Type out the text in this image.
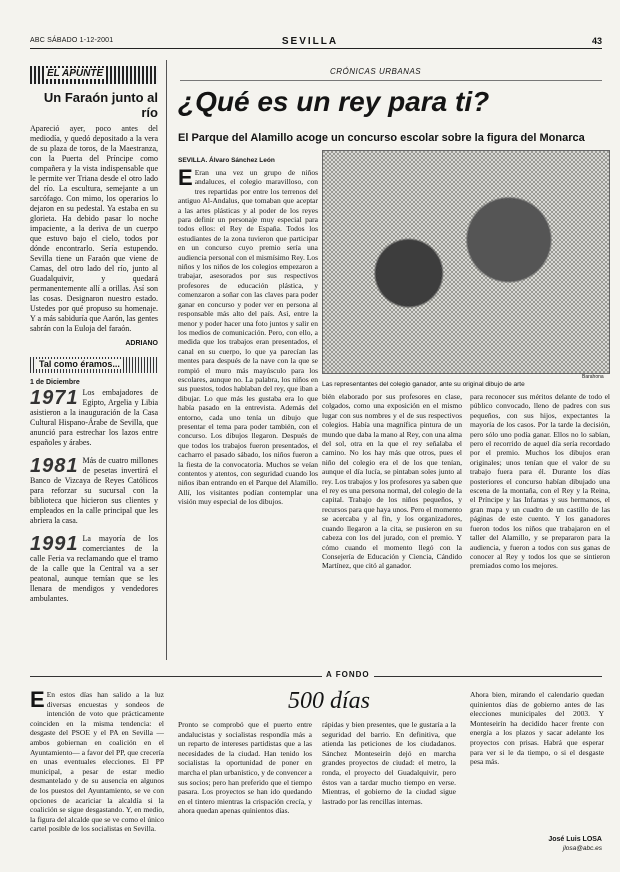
ABC SÁBADO 1-12-2001	SEVILLA	43
EL APUNTE
Un Faraón junto al río

Apareció ayer, poco antes del mediodía, y quedó depositado a la vera de su plaza de toros, de la Maestranza, con la Puerta del Príncipe como compañera y la vista indispensable que le permite ver Triana desde el otro lado del río. La escultura, semejante a un sarcófago. Con mimo, los operarios lo dejaron en su pedestal. Ya estaba en su glorieta. Ha debido pasar lo noche impaciente, a la deriva de un cuerpo que estuvo bajo el cielo, todos por dónde encontrarlo. Sería estupendo. Sevilla tiene un Faraón que viene de Camas, del otro lado del río, junto al Guadalquivir, y quedará permanentemente allí a orillas. Así son las cosas. Designaron nuestro estado. Ustedes por qué propuso su homenaje. Y a más sabiduría que Aarón, las gentes sabrán con la Euloja del faraón.

ADRIANO
Tal como éramos...
1 de Diciembre
1971 Los embajadores de Egipto, Argelia y Libia asistieron a la inauguración de la Casa Cultural Hispano-Árabe de Sevilla, que anunció para estrechar los lazos entre españoles y árabes.

1981 Más de cuatro millones de pesetas invertirá el Banco de Vizcaya de Reyes Católicos para reforzar su sucursal con la biblioteca que hicieron sus clientes y empleados en la calle principal que les abriera la casa.

1991 La mayoría de los comerciantes de la calle Feria va reclamando que el tramo de la calle que la Central va a ser peatonal, aunque temían que se les llenara de mendigos y vendedores ambulantes.

CRÓNICAS URBANAS
¿Qué es un rey para ti?
El Parque del Alamillo acoge un concurso escolar sobre la figura del Monarca
SEVILLA. Álvaro Sánchez León
E Eran una vez un grupo de niños andaluces, el colegio maravilloso, con tres repartidas por entre los terrenos del antiguo Al-Andalus, que tomaban que aceptar a las artes plásticas y al poder de los reyes para definir un personaje muy especial para todos ellos: el Rey de España. Todos los estudiantes de la zona tuvieron que participar en un concurso cuyo premio sería una audiencia personal con el mismísimo Rey. Los niños y los niños de los colegios empezaron a trabajar, asesorados por sus respectivos profesores de educación plástica, y comenzaron a soñar con las claves para poder ganar en concurso y poder ver en persona al responsable más alto del país. Así, entre la menor y poder hacer una foto juntos y salir en los medios de comunicación. Pero, con ello, a medida que los trabajos eran presentados, el canal en su cuerpo, lo que ya parecían las mentes para después de la nave con la que se rompió el muro más mayúsculo para los escolares, aunque no. La palabra, los niños en sus puestos, todos hablaban del rey, que iban a dibujar. Lo que más les gustaba era lo que había pasado en la entrevista. Además del entorno, cada uno tenía un dibujo que presentar el tema para poder también, con el concurso. Los dibujos llegaron. Después de que todos los trabajos fueron presentados, el cacharro el pasado sábado, los niños fueron a la fiesta de la convocatoria. Muchos se veían contentos y atentos, con seguridad cuando los niños iban entrando en el Parque del Alamillo. Allí, los visitantes podían contemplar una visión muy especial de los dibujos.
Barahona
Las representantes del colegio ganador, ante su original dibujo de arte
bién elaborado por sus profesores en clase, colgados, como una exposición en el mismo lugar con sus nombres y el de sus respectivos colegios. Había una magnífica pintura de un mundo que daba la mano al Rey, con una alma del sol, otra en la que el rey señalaba el camino. No los hay más que otros, pues el niño del colegio era el de los que tenían, aunque el día lucía, se pintaban soles junto al rey. Los trabajos y los profesores ya saben que el rey es una persona normal, del colegio de la capital. Trabajo de los niños pequeños, y recursos para que haya unos. Pero el momento se acercaba y al fin, y los organizadores, cuando llegaron a la cita, se pusieron en su cabeza con los del jurado, con el premio. Y cómo cuando el momento llegó con la Consejería de Educación y Ciencia, Cándido Martínez, que citó al ganador.
para reconocer sus méritos delante de todo el público convocado, lleno de padres con sus pequeños, con sus hijos, expectantes la mayoría de los casos. Por la tarde la decisión, pero sólo uno podía ganar. Ellos no lo sabían, pero el recorrido de aquel día sería recordado por el premio. Muchos los dibujos eran originales; unos tenían que el valor de su trabajo fuera para él. Durante los días posteriores el concurso habían dibujado una escena de la montaña, con el Rey y la Reina, el Príncipe y las Infantas y sus hermanos, el gran mapa y un cuadro de un castillo de las páginas de este cuento. Y los ganadores fueron todos los niños que trabajaron en el taller del Alamillo, y se prepararon para la audiencia, y fueron a todos con sus ganas de conocer al Rey y todos los que se sintieron premiados como los mejores.
A FONDO
500 días
E En estos días han salido a la luz diversas encuestas y sondeos de intención de voto que prácticamente coinciden en la misma tendencia: el desgaste del PSOE y el PA en Sevilla —ambos gobiernan en coalición en el Ayuntamiento— a favor del PP, que crecería en unas eventuales elecciones. El PP municipal, a pesar de estar medio desmantelado y de su ausencia en algunos de los puestos del Ayuntamiento, se ve con opciones de acariciar la alcaldía si la coalición se sigue desgastando. Y, en medio, la figura del alcalde que se ve como el único cartel posible de los socialistas en Sevilla.
Pronto se comprobó que el puerto entre andalucistas y socialistas respondía más a un reparto de intereses partidistas que a las necesidades de la ciudad. Han tenido los socialistas la oportunidad de poner en marcha el plan urbanístico, y de convencer a sus socios; pero han preferido que el tiempo pasara. Los proyectos se han ido quedando en el tintero mientras la crispación crecía, y ahora quedan apenas quinientos días.
rápidas y bien presentes, que le gustaría a la seguridad del barrio. En definitiva, que atienda las peticiones de los ciudadanos. Sánchez Monteseirín dejó en marcha grandes proyectos de ciudad: el metro, la ronda, el proyecto del Guadalquivir, pero éstos van a tardar mucho tiempo en verse. Mientras, el gobierno de la ciudad sigue lastrado por las rencillas internas.
Ahora bien, mirando el calendario quedan quinientos días de gobierno antes de las elecciones municipales del 2003. Y Monteseirín ha decidido hacer frente con energía a los plazos y sacar adelante los proyectos con prisas. Habrá que esperar para ver si le da tiempo, o si el desgaste pesa más.
José Luis LOSA
jlosa@abc.es
